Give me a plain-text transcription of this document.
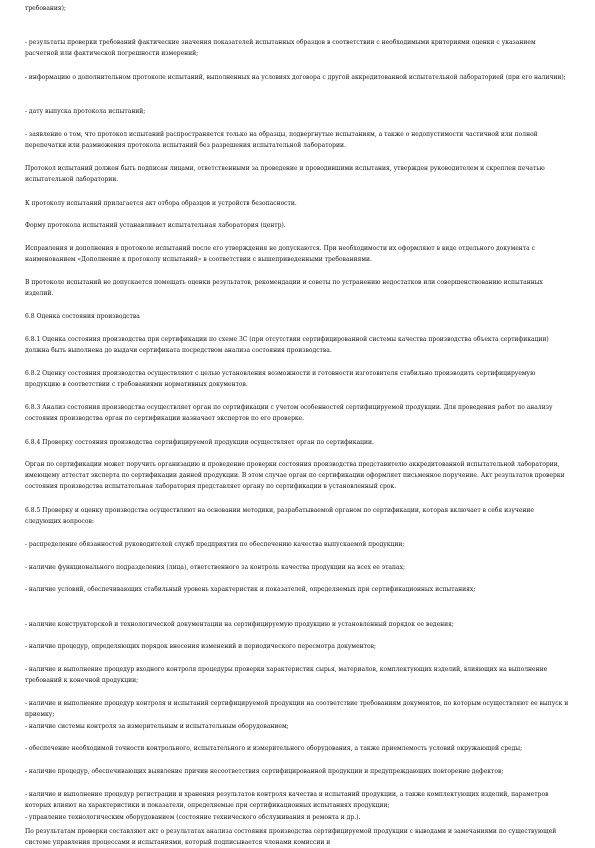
требования);

- результаты проверки требований фактические значения показателей испытанных образцов в соответствии с необходимыми критериями оценки с указанием расчетной или фактической погрешности измерений;

- информацию о дополнительном протоколе испытаний, выполненных на условиях договора с другой аккредитованной испытательной лабораторией (при его наличии);

- дату выпуска протокола испытаний;

- заявление о том, что протокол испытаний распространяется только на образцы, подвергнутые испытаниям, а также о недопустимости частичной или полной перепечатки или размножения протокола испытаний без разрешения испытательной лаборатории.

Протокол испытаний должен быть подписан лицами, ответственными за проведение и проводившими испытания, утвержден руководителем и скреплен печатью испытательной лаборатории.

К протоколу испытаний прилагается акт отбора образцов и устройств безопасности.

Форму протокола испытаний устанавливает испытательная лаборатория (центр).

Исправления и дополнения в протоколе испытаний после его утверждения не допускаются. При необходимости их оформляют в виде отдельного документа с наименованием «Дополнение к протоколу испытаний» в соответствии с вышеприведенными требованиями.

В протоколе испытаний не допускается помещать оценки результатов, рекомендации и советы по устранению недостатков или совершенствованию испытанных изделий.

6.8 Оценка состояния производства

6.8.1 Оценка состояния производства при сертификации по схеме 3С (при отсутствии сертифицированной системы качества производства объекта сертификации) должна быть выполнена до выдачи сертификата посредством анализа состояния производства.

6.8.2 Оценку состояния производства осуществляют с целью установления возможности и готовности изготовителя стабильно производить сертифицируемую продукцию в соответствии с требованиями нормативных документов.

6.8.3 Анализ состояния производства осуществляет орган по сертификации с учетом особенностей сертифицируемой продукции. Для проведения работ по анализу состояния производства орган по сертификации назначает экспертов по его проверке.

6.8.4 Проверку состояния производства сертифицируемой продукции осуществляет орган по сертификации.

Орган по сертификации может поручить организацию и проведение проверки состояния производства представителю аккредитованной испытательной лаборатории, имеющему аттестат эксперта по сертификации данной продукции. В этом случае орган по сертификации оформляет письменное поручение. Акт результатов проверки состояния производства испытательная лаборатория представляет органу по сертификации в установленный срок.

6.8.5 Проверку и оценку производства осуществляют на основании методики, разрабатываемой органом по сертификации, которая включает в себя изучение следующих вопросов:

- распределение обязанностей руководителей служб предприятия по обеспечению качества выпускаемой продукции;

- наличие функционального подразделения (лица), ответственного за контроль качества продукции на всех ее этапах;

- наличие условий, обеспечивающих стабильный уровень характеристик и показателей, определяемых при сертификационных испытаниях;

- наличие конструкторской и технологической документации на сертифицируемую продукцию и установленный порядок ее ведения;

- наличие процедур, определяющих порядок внесения изменений и периодического пересмотра документов;

- наличие и выполнение процедур входного контроля процедуры проверки характеристик сырья, материалов, комплектующих изделий, влияющих на выполнение требований к конечной продукции;

- наличие и выполнение процедур контроля и испытаний сертифицируемой продукции на соответствие требованиям документов, по которым осуществляют ее выпуск и приемку;

- наличие системы контроля за измерительным и испытательным оборудованием;

- обеспечение необходимой точности контрольного, испытательного и измерительного оборудования, а также приемлемость условий окружающей среды;

- наличие процедур, обеспечивающих выявление причин несоответствия сертифицированной продукции и предупреждающих повторение дефектов;

- наличие и выполнение процедур регистрации и хранения результатов контроля качества и испытаний продукции, а также комплектующих изделий, параметров которых влияют на характеристики и показатели, определяемые при сертификационных испытаниях продукции;

- управление технологическим оборудованием (состояние технического обслуживания и ремонта и др.).

По результатам проверки составляют акт о результатах анализа состояния производства сертифицируемой продукции с выводами и замечаниями по существующей системе управления процессами и испытаниями, который подписывается членами комиссии и
